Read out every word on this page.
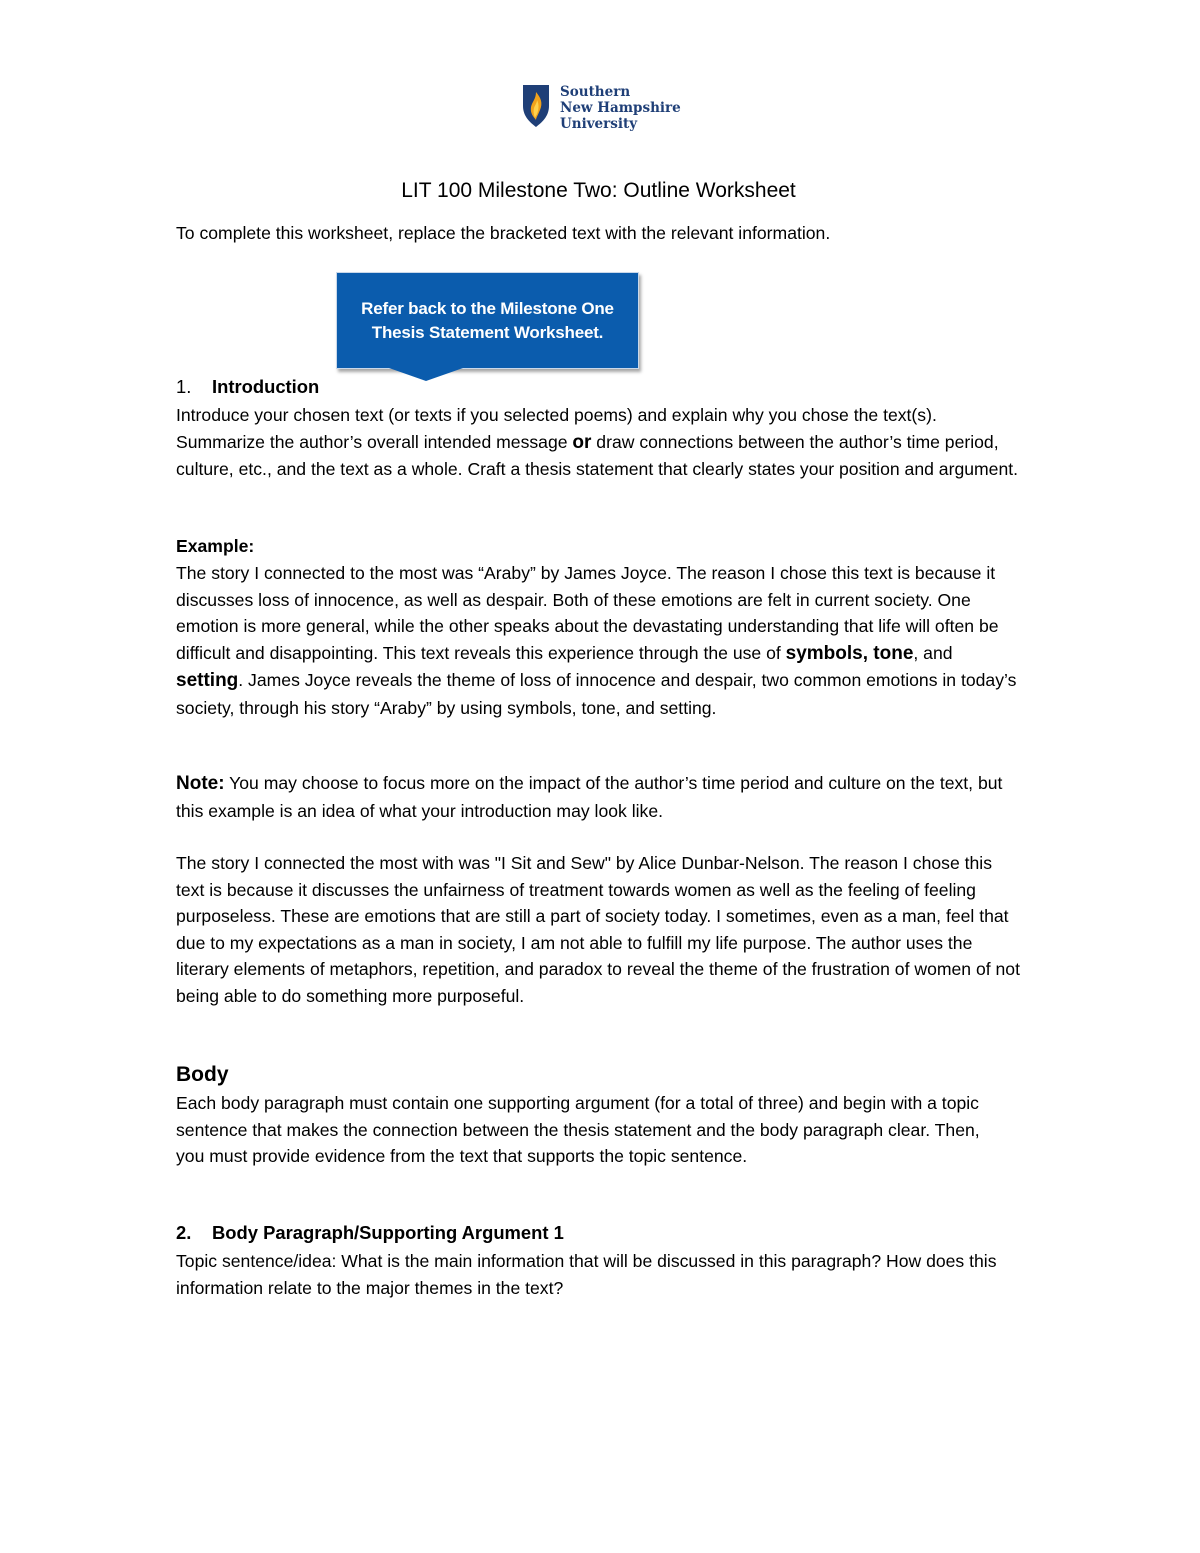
Southern
New Hampshire
University
LIT 100 Milestone Two: Outline Worksheet

To complete this worksheet, replace the bracketed text with the relevant information.

1. Introduction

Introduce your chosen text (or texts if you selected poems) and explain why you chose the text(s). Summarize the author’s overall intended message or draw connections between the author’s time period, culture, etc., and the text as a whole. Craft a thesis statement that clearly states your position and argument.

Example:

The story I connected to the most was “Araby” by James Joyce. The reason I chose this text is because it discusses loss of innocence, as well as despair. Both of these emotions are felt in current society. One emotion is more general, while the other speaks about the devastating understanding that life will often be difficult and disappointing. This text reveals this experience through the use of symbols, tone, and setting. James Joyce reveals the theme of loss of innocence and despair, two common emotions in today’s society, through his story “Araby” by using symbols, tone, and setting.

Note: You may choose to focus more on the impact of the author’s time period and culture on the text, but this example is an idea of what your introduction may look like.

The story I connected the most with was "I Sit and Sew" by Alice Dunbar-Nelson. The reason I chose this text is because it discusses the unfairness of treatment towards women as well as the feeling of feeling purposeless. These are emotions that are still a part of society today. I sometimes, even as a man, feel that due to my expectations as a man in society, I am not able to fulfill my life purpose. The author uses the literary elements of metaphors, repetition, and paradox to reveal the theme of the frustration of women of not being able to do something more purposeful.

Body

Each body paragraph must contain one supporting argument (for a total of three) and begin with a topic sentence that makes the connection between the thesis statement and the body paragraph clear. Then, you must provide evidence from the text that supports the topic sentence.

2. Body Paragraph/Supporting Argument 1

Topic sentence/idea: What is the main information that will be discussed in this paragraph? How does this information relate to the major themes in the text?

Refer back to the Milestone One Thesis Statement Worksheet.
